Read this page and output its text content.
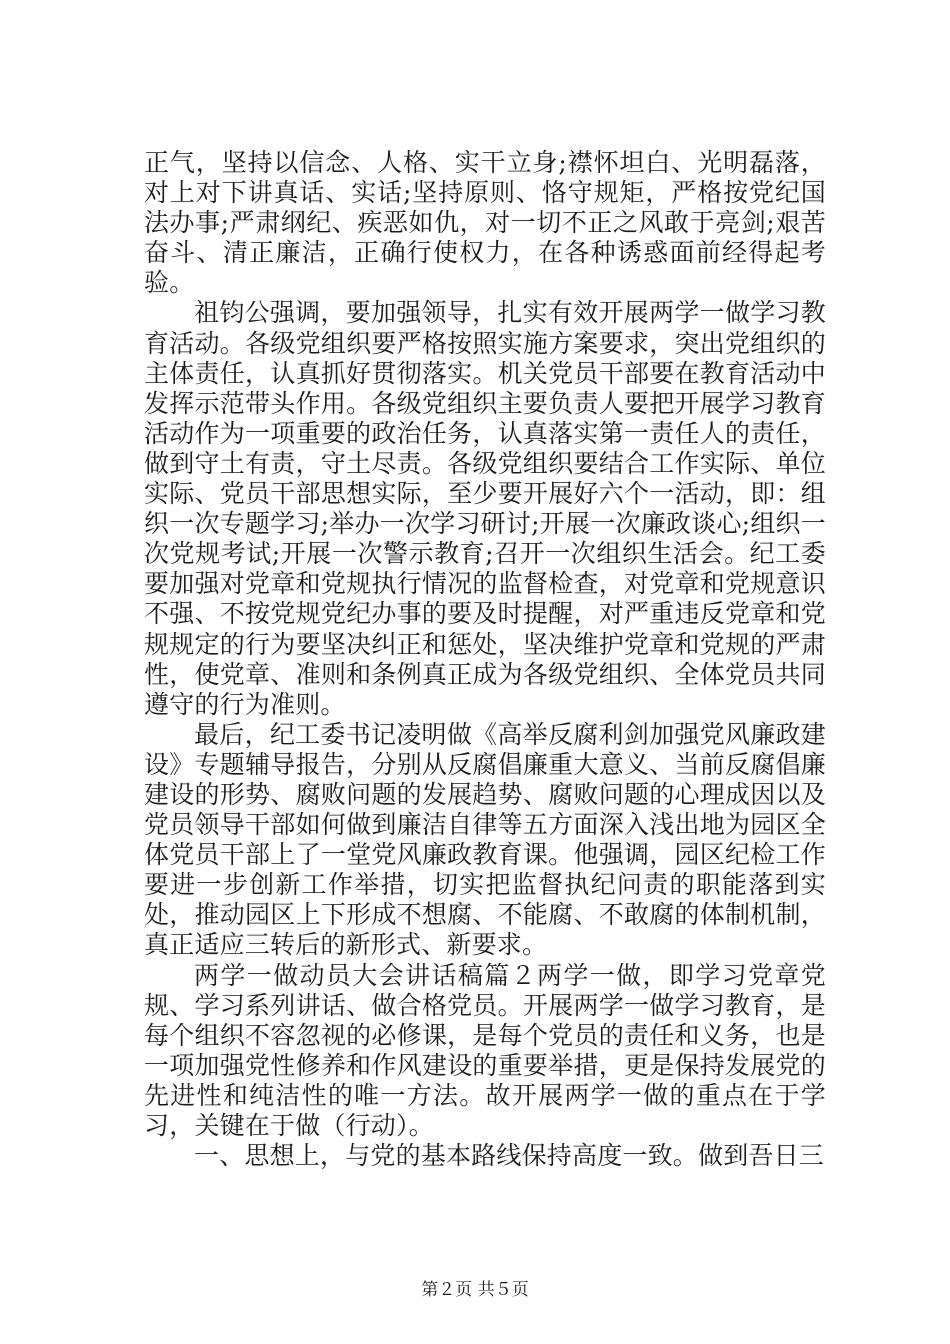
正气，坚持以信念、人格、实干立身;襟怀坦白、光明磊落，对上对下讲真话、实话;坚持原则、恪守规矩，严格按党纪国法办事;严肃纲纪、疾恶如仇，对一切不正之风敢于亮剑;艰苦奋斗、清正廉洁，正确行使权力，在各种诱惑面前经得起考验。

祖钧公强调，要加强领导，扎实有效开展两学一做学习教育活动。各级党组织要严格按照实施方案要求，突出党组织的主体责任，认真抓好贯彻落实。机关党员干部要在教育活动中发挥示范带头作用。各级党组织主要负责人要把开展学习教育活动作为一项重要的政治任务，认真落实第一责任人的责任，做到守土有责，守土尽责。各级党组织要结合工作实际、单位实际、党员干部思想实际，至少要开展好六个一活动，即：组织一次专题学习;举办一次学习研讨;开展一次廉政谈心;组织一次党规考试;开展一次警示教育;召开一次组织生活会。纪工委要加强对党章和党规执行情况的监督检查，对党章和党规意识不强、不按党规党纪办事的要及时提醒，对严重违反党章和党规规定的行为要坚决纠正和惩处，坚决维护党章和党规的严肃性，使党章、准则和条例真正成为各级党组织、全体党员共同遵守的行为准则。

最后，纪工委书记凌明做《高举反腐利剑加强党风廉政建设》专题辅导报告，分别从反腐倡廉重大意义、当前反腐倡廉建设的形势、腐败问题的发展趋势、腐败问题的心理成因以及党员领导干部如何做到廉洁自律等五方面深入浅出地为园区全体党员干部上了一堂党风廉政教育课。他强调，园区纪检工作要进一步创新工作举措，切实把监督执纪问责的职能落到实处，推动园区上下形成不想腐、不能腐、不敢腐的体制机制，真正适应三转后的新形式、新要求。

两学一做动员大会讲话稿篇２两学一做，即学习党章党规、学习系列讲话、做合格党员。开展两学一做学习教育，是每个组织不容忽视的必修课，是每个党员的责任和义务，也是一项加强党性修养和作风建设的重要举措，更是保持发展党的先进性和纯洁性的唯一方法。故开展两学一做的重点在于学习，关键在于做（行动）。

一、思想上，与党的基本路线保持高度一致。做到吾日三

第２页 共５页
